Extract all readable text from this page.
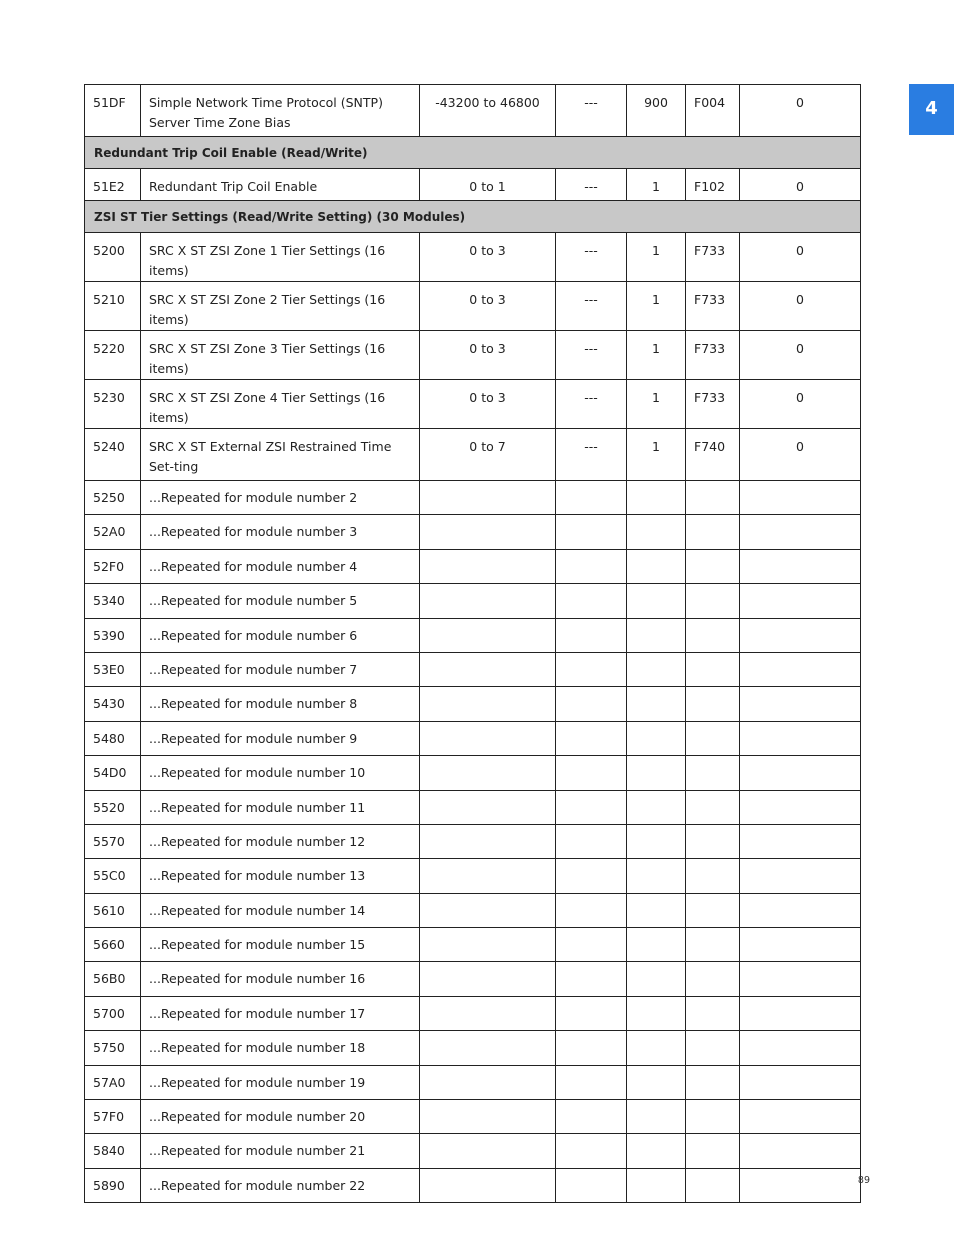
51DF	Simple Network Time Protocol (SNTP) Server Time Zone Bias	-43200 to 46800	---	900	F004	0
Redundant Trip Coil Enable (Read/Write)						
51E2	Redundant Trip Coil Enable	0 to 1	---	1	F102	0
ZSI ST Tier Settings (Read/Write Setting) (30 Modules)						
5200	SRC X ST ZSI Zone 1 Tier Settings (16 items)	0 to 3	---	1	F733	0
5210	SRC X ST ZSI Zone 2 Tier Settings (16 items)	0 to 3	---	1	F733	0
5220	SRC X ST ZSI Zone 3 Tier Settings (16 items)	0 to 3	---	1	F733	0
5230	SRC X ST ZSI Zone 4 Tier Settings (16 items)	0 to 3	---	1	F733	0
5240	SRC X ST External ZSI Restrained Time Set-ting	0 to 7	---	1	F740	0
5250	...Repeated for module number 2					
52A0	...Repeated for module number 3					
52F0	...Repeated for module number 4					
5340	...Repeated for module number 5					
5390	...Repeated for module number 6					
53E0	...Repeated for module number 7					
5430	...Repeated for module number 8					
5480	...Repeated for module number 9					
54D0	...Repeated for module number 10					
5520	...Repeated for module number 11					
5570	...Repeated for module number 12					
55C0	...Repeated for module number 13					
5610	...Repeated for module number 14					
5660	...Repeated for module number 15					
56B0	...Repeated for module number 16					
5700	...Repeated for module number 17					
5750	...Repeated for module number 18					
57A0	...Repeated for module number 19					
57F0	...Repeated for module number 20					
5840	...Repeated for module number 21					
5890	...Repeated for module number 22					
4
89
